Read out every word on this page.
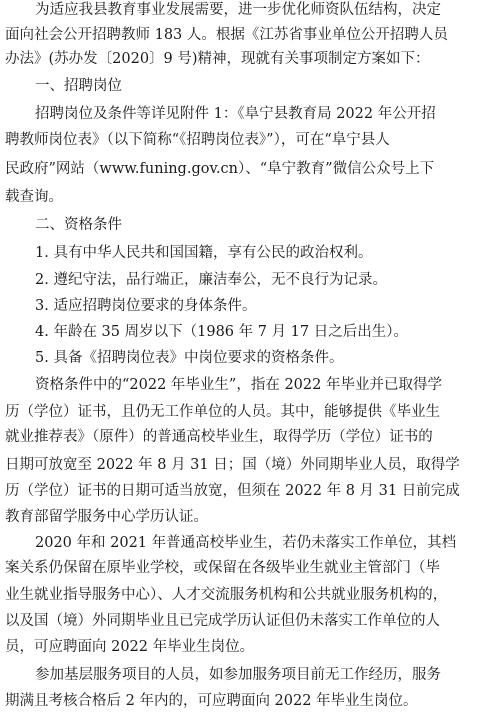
为适应我县教育事业发展需要，进一步优化师资队伍结构，决定
面向社会公开招聘教师 183 人。根据《江苏省事业单位公开招聘人员
办法》(苏办发〔2020〕9 号)精神，现就有关事项制定方案如下：
一、招聘岗位
招聘岗位及条件等详见附件 1：《阜宁县教育局 2022 年公开招
聘教师岗位表》（以下简称“《招聘岗位表》”），可在“阜宁县人
民政府”网站（www.funing.gov.cn）、“阜宁教育”微信公众号上下
载查询。
二、资格条件
1. 具有中华人民共和国国籍，享有公民的政治权利。
2. 遵纪守法，品行端正，廉洁奉公，无不良行为记录。
3. 适应招聘岗位要求的身体条件。
4. 年龄在 35 周岁以下（1986 年 7 月 17 日之后出生）。
5. 具备《招聘岗位表》中岗位要求的资格条件。
资格条件中的“2022 年毕业生”，指在 2022 年毕业并已取得学
历（学位）证书，且仍无工作单位的人员。其中，能够提供《毕业生
就业推荐表》（原件）的普通高校毕业生，取得学历（学位）证书的
日期可放宽至 2022 年 8 月 31 日；国（境）外同期毕业人员，取得学
历（学位）证书的日期可适当放宽，但须在 2022 年 8 月 31 日前完成
教育部留学服务中心学历认证。
2020 年和 2021 年普通高校毕业生，若仍未落实工作单位，其档
案关系仍保留在原毕业学校，或保留在各级毕业生就业主管部门（毕
业生就业指导服务中心）、人才交流服务机构和公共就业服务机构的，
以及国（境）外同期毕业且已完成学历认证但仍未落实工作单位的人
员，可应聘面向 2022 年毕业生岗位。
参加基层服务项目的人员，如参加服务项目前无工作经历，服务
期满且考核合格后 2 年内的，可应聘面向 2022 年毕业生岗位。
